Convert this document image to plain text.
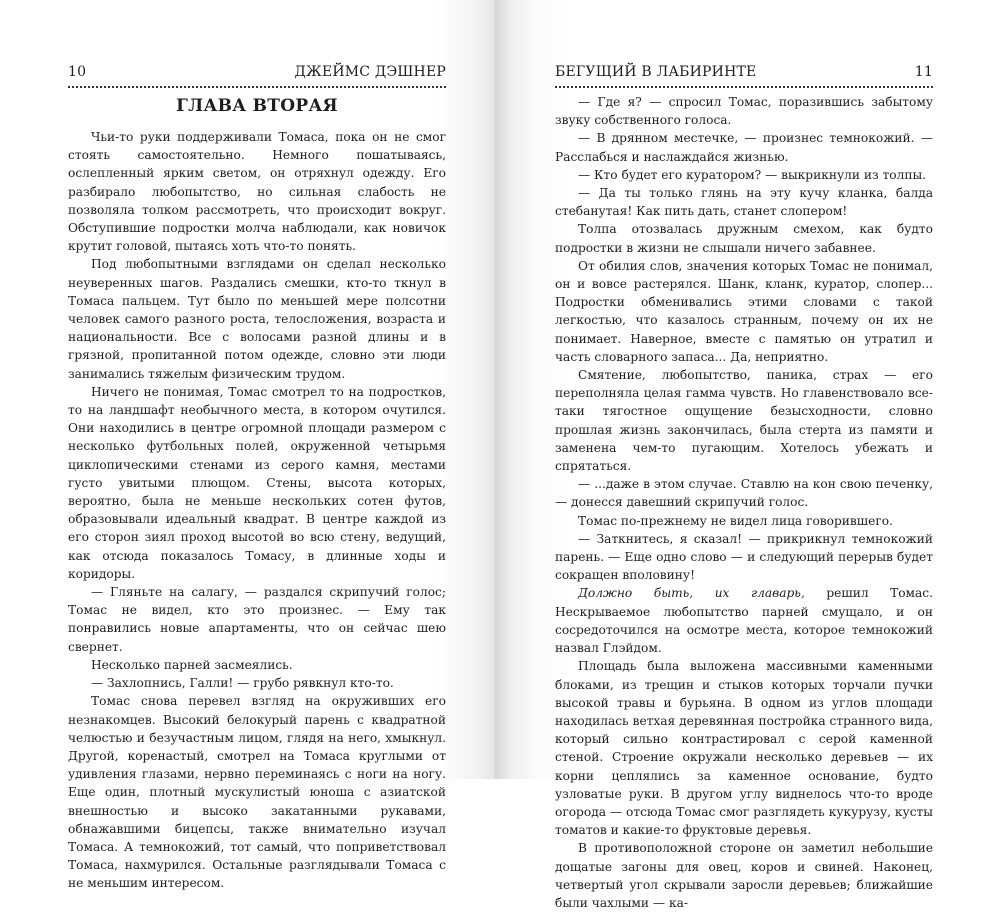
10	ДЖЕЙМС ДЭШНЕР
ГЛАВА ВТОРАЯ

Чьи-то руки поддерживали Томаса, пока он не смог стоять самостоятельно. Немного пошатываясь, ослепленный ярким светом, он отряхнул одежду. Его разбирало любопытство, но сильная слабость не позволяла толком рассмотреть, что происходит вокруг. Обступившие подростки молча наблюдали, как новичок крутит головой, пытаясь хоть что-то понять.

Под любопытными взглядами он сделал несколько неуверенных шагов. Раздались смешки, кто-то ткнул в Томаса пальцем. Тут было по меньшей мере полсотни человек самого разного роста, телосложения, возраста и национальности. Все с волосами разной длины и в грязной, пропитанной потом одежде, словно эти люди занимались тяжелым физическим трудом.

Ничего не понимая, Томас смотрел то на подростков, то на ландшафт необычного места, в котором очутился. Они находились в центре огромной площади размером с несколько футбольных полей, окруженной четырьмя циклопическими стенами из серого камня, местами густо увитыми плющом. Стены, высота которых, вероятно, была не меньше нескольких сотен футов, образовывали идеальный квадрат. В центре каждой из его сторон зиял проход высотой во всю стену, ведущий, как отсюда показалось Томасу, в длинные ходы и коридоры.

— Гляньте на салагу, — раздался скрипучий голос; Томас не видел, кто это произнес. — Ему так понравились новые апартаменты, что он сейчас шею свернет.

Несколько парней засмеялись.

— Захлопнись, Галли! — грубо рявкнул кто-то.

Томас снова перевел взгляд на окруживших его незнакомцев. Высокий белокурый парень с квадратной челюстью и безучастным лицом, глядя на него, хмыкнул. Другой, коренастый, смотрел на Томаса круглыми от удивления глазами, нервно переминаясь с ноги на ногу. Еще один, плотный мускулистый юноша с азиатской внешностью и высоко закатанными рукавами, обнажавшими бицепсы, также внимательно изучал Томаса. А темнокожий, тот самый, что поприветствовал Томаса, нахмурился. Остальные разглядывали Томаса с не меньшим интересом.

БЕГУЩИЙ В ЛАБИРИНТЕ	11

— Где я? — спросил Томас, поразившись забытому звуку собственного голоса.

— В дрянном местечке, — произнес темнокожий. — Расслабься и наслаждайся жизнью.

— Кто будет его куратором? — выкрикнули из толпы.

— Да ты только глянь на эту кучу кланка, балда стебанутая! Как пить дать, станет слопером!

Толпа отозвалась дружным смехом, как будто подростки в жизни не слышали ничего забавнее.

От обилия слов, значения которых Томас не понимал, он и вовсе растерялся. Шанк, кланк, куратор, слопер... Подростки обменивались этими словами с такой легкостью, что казалось странным, почему он их не понимает. Наверное, вместе с памятью он утратил и часть словарного запаса... Да, неприятно.

Смятение, любопытство, паника, страх — его переполняла целая гамма чувств. Но главенствовало все-таки тягостное ощущение безысходности, словно прошлая жизнь закончилась, была стерта из памяти и заменена чем-то пугающим. Хотелось убежать и спрятаться.

— ...даже в этом случае. Ставлю на кон свою печенку, — донесся давешний скрипучий голос.

Томас по-прежнему не видел лица говорившего.

— Заткнитесь, я сказал! — прикрикнул темнокожий парень. — Еще одно слово — и следующий перерыв будет сокращен вполовину!

Должно быть, их главарь, решил Томас. Нескрываемое любопытство парней смущало, и он сосредоточился на осмотре места, которое темнокожий назвал Глэйдом.

Площадь была выложена массивными каменными блоками, из трещин и стыков которых торчали пучки высокой травы и бурьяна. В одном из углов площади находилась ветхая деревянная постройка странного вида, который сильно контрастировал с серой каменной стеной. Строение окружали несколько деревьев — их корни цеплялись за каменное основание, будто узловатые руки. В другом углу виднелось что-то вроде огорода — отсюда Томас смог разглядеть кукурузу, кусты томатов и какие-то фруктовые деревья.

В противоположной стороне он заметил небольшие дощатые загоны для овец, коров и свиней. Наконец, четвертый угол скрывали заросли деревьев; ближайшие были чахлыми — ка-
